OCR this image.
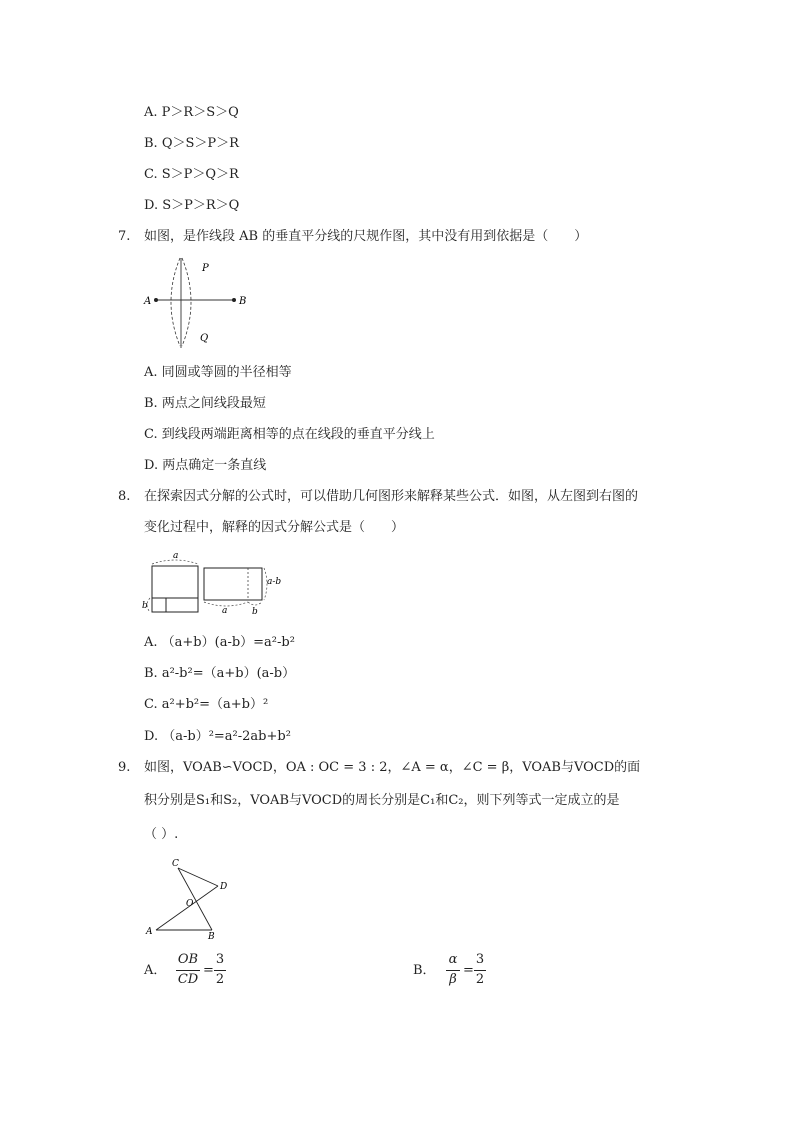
A. P＞R＞S＞Q
B. Q＞S＞P＞R
C. S＞P＞Q＞R
D. S＞P＞R＞Q
7. 如图，是作线段 AB 的垂直平分线的尺规作图，其中没有用到依据是（　　）
A	B
P
Q
A. 同圆或等圆的半径相等
B. 两点之间线段最短
C. 到线段两端距离相等的点在线段的垂直平分线上
D. 两点确定一条直线
8. 在探索因式分解的公式时，可以借助几何图形来解释某些公式．如图，从左图到右图的
变化过程中，解释的因式分解公式是（　　）
a
b
a-b
a	b
A. （a+b）(a-b）=a²-b²
B. a²-b²=（a+b）(a-b）
C. a²+b²=（a+b）²
D. （a-b）²=a²-2ab+b²
9. 如图，VOAB∽VOCD，OA : OC = 3 : 2，∠A = α，∠C = β，VOAB与VOCD的面
积分别是S₁和S₂，VOAB与VOCD的周长分别是C₁和C₂，则下列等式一定成立的是
（ ）.
C
D
O
A	B
A．
OB
CD
=
3
2
B．
α
β
=
3
2
